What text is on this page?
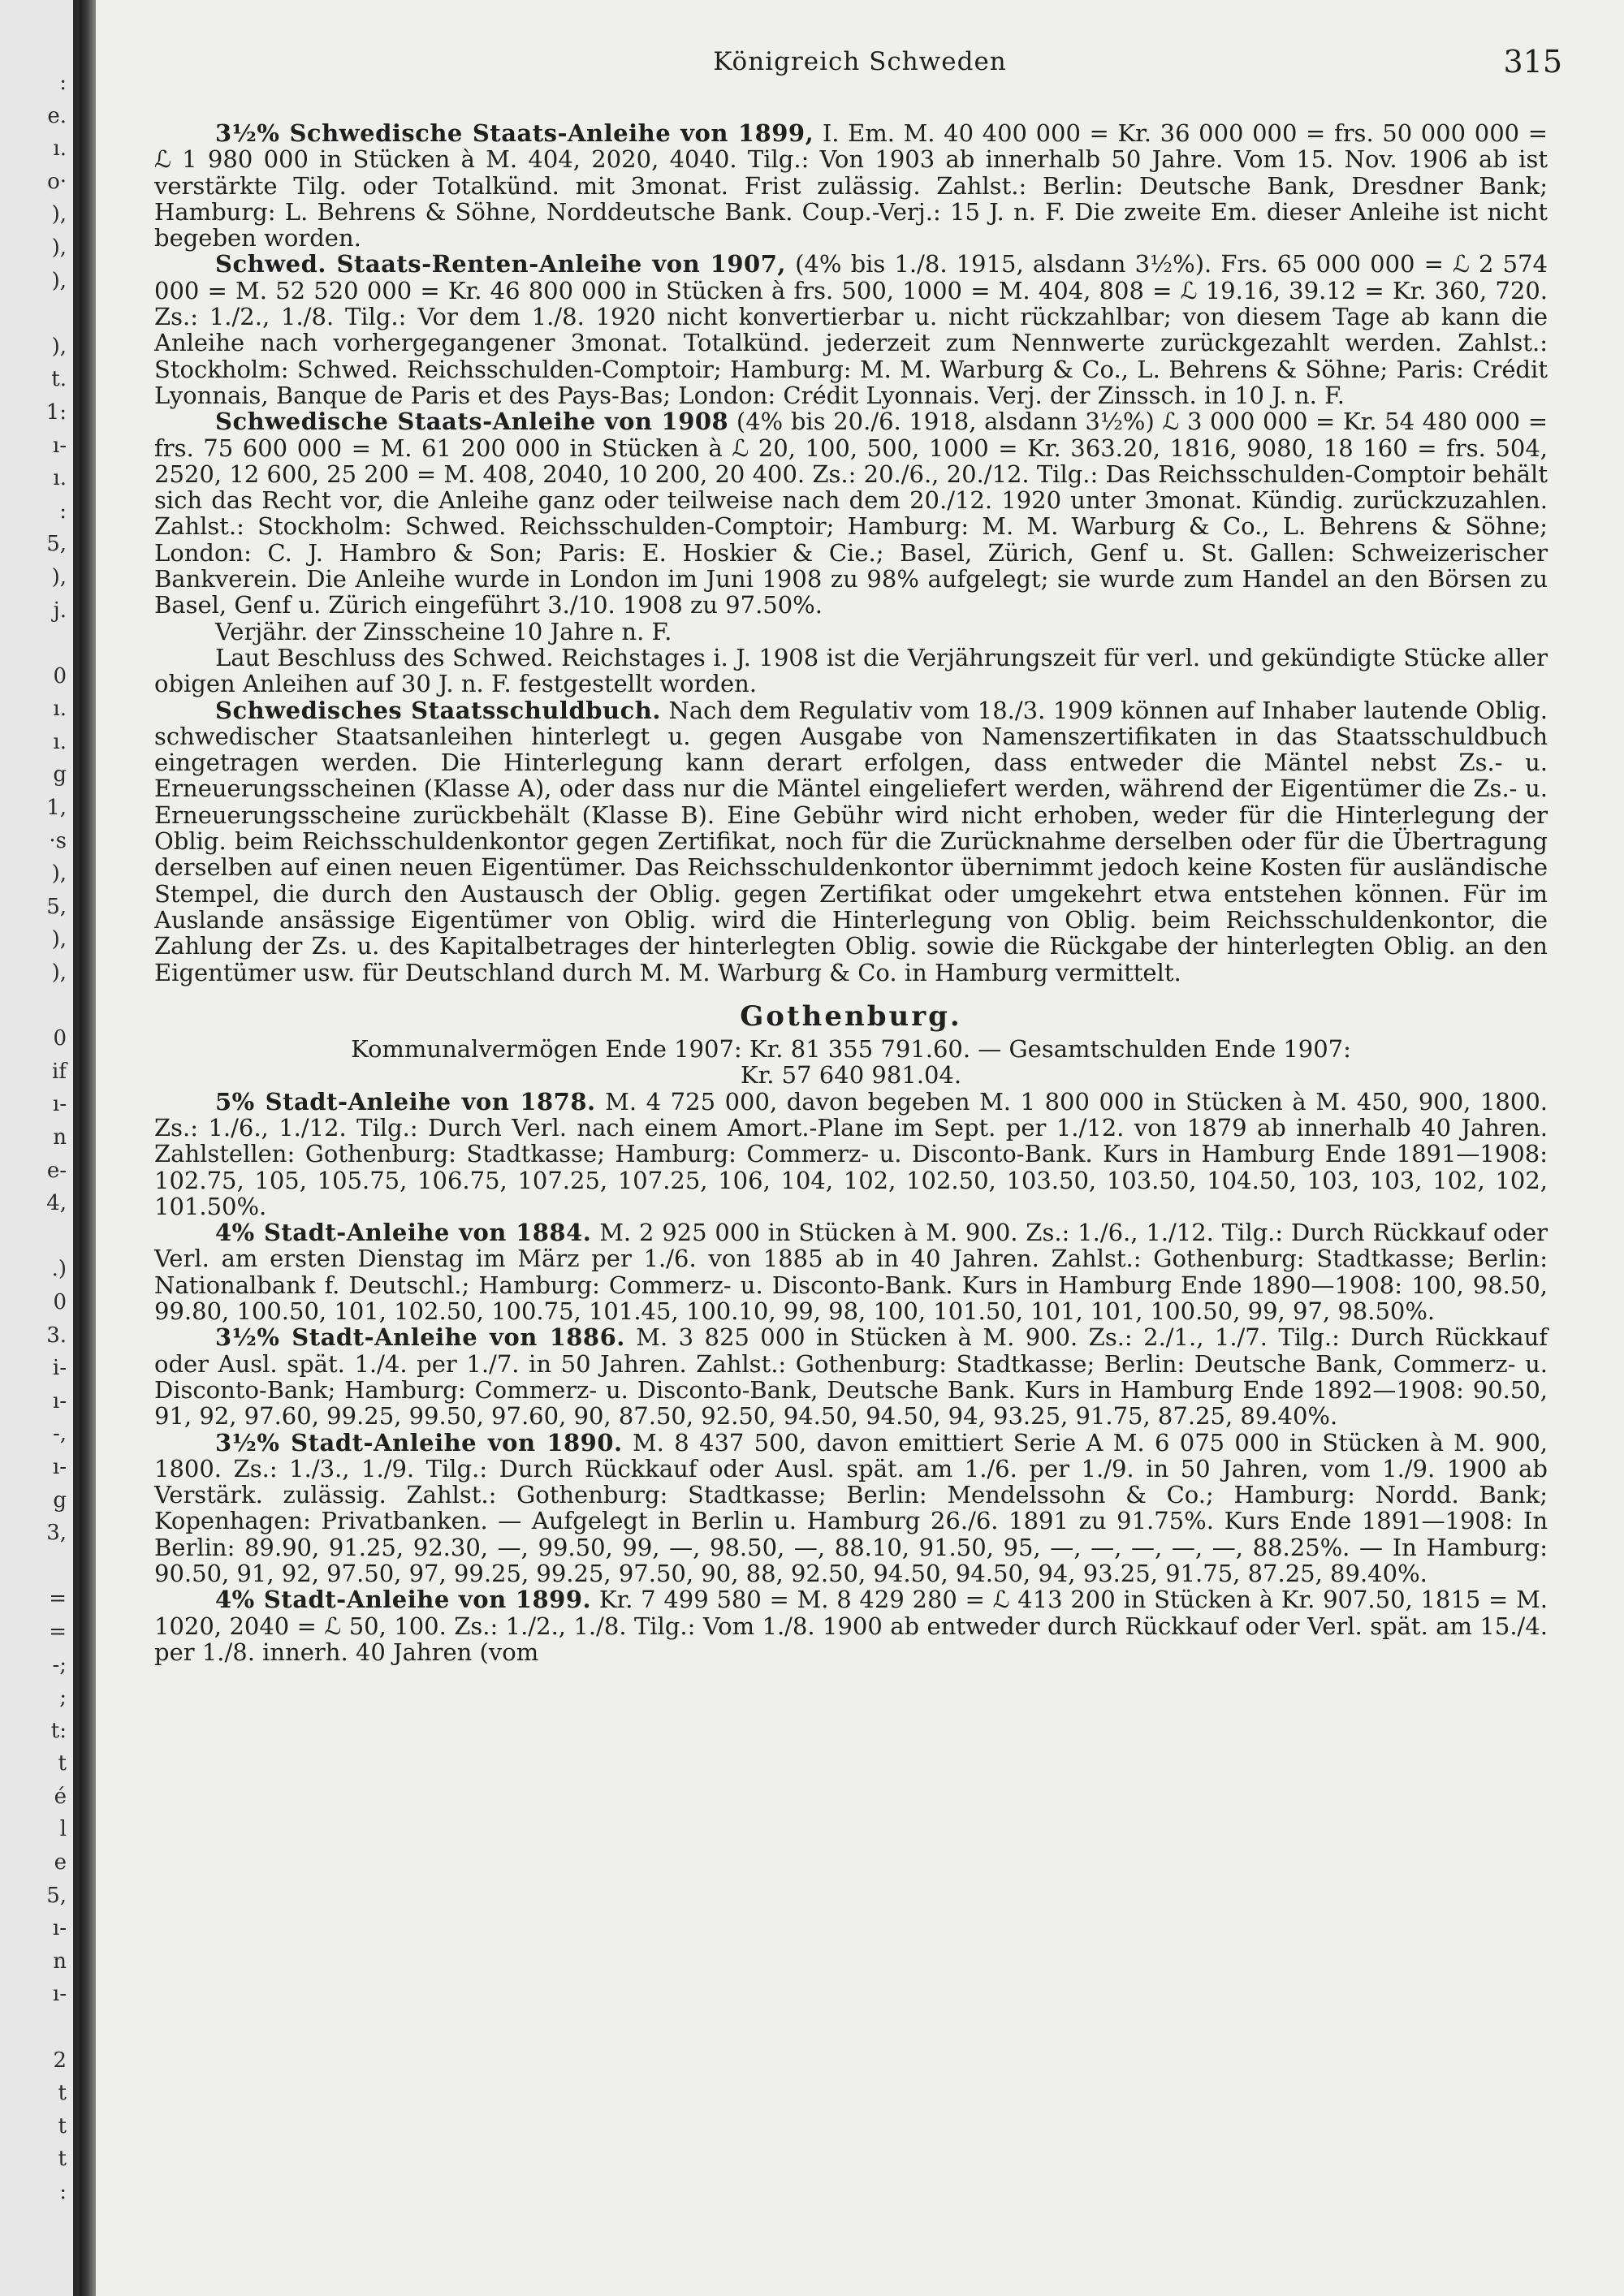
:
e.
ı.
o·
),
),
),

),
t.
1:
ı-
ı.
:
5,
),
j.

0
ı.
ı.
g
1,
·s
),
5,
),
),

0
if
ı-
n
e-
4,

.)
0
3.
i-
ı-
-,
ı-
g
3,

=
=
-;
;
t:
t
é
l
e
5,
ı-
n
ı-

2
t
t
t
:
Königreich Schweden	315

3½% Schwedische Staats-Anleihe von 1899, I. Em. M. 40 400 000 = Kr. 36 000 000 = frs. 50 000 000 = ℒ 1 980 000 in Stücken à M. 404, 2020, 4040. Tilg.: Von 1903 ab innerhalb 50 Jahre. Vom 15. Nov. 1906 ab ist verstärkte Tilg. oder Totalkünd. mit 3monat. Frist zulässig. Zahlst.: Berlin: Deutsche Bank, Dresdner Bank; Hamburg: L. Behrens & Söhne, Norddeutsche Bank. Coup.-Verj.: 15 J. n. F. Die zweite Em. dieser Anleihe ist nicht begeben worden.

Schwed. Staats-Renten-Anleihe von 1907, (4% bis 1./8. 1915, alsdann 3½%). Frs. 65 000 000 = ℒ 2 574 000 = M. 52 520 000 = Kr. 46 800 000 in Stücken à frs. 500, 1000 = M. 404, 808 = ℒ 19.16, 39.12 = Kr. 360, 720. Zs.: 1./2., 1./8. Tilg.: Vor dem 1./8. 1920 nicht konvertierbar u. nicht rückzahlbar; von diesem Tage ab kann die Anleihe nach vorhergegangener 3monat. Totalkünd. jederzeit zum Nennwerte zurückgezahlt werden. Zahlst.: Stockholm: Schwed. Reichsschulden-Comptoir; Hamburg: M. M. Warburg & Co., L. Behrens & Söhne; Paris: Crédit Lyonnais, Banque de Paris et des Pays-Bas; London: Crédit Lyonnais. Verj. der Zinssch. in 10 J. n. F.

Schwedische Staats-Anleihe von 1908 (4% bis 20./6. 1918, alsdann 3½%) ℒ 3 000 000 = Kr. 54 480 000 = frs. 75 600 000 = M. 61 200 000 in Stücken à ℒ 20, 100, 500, 1000 = Kr. 363.20, 1816, 9080, 18 160 = frs. 504, 2520, 12 600, 25 200 = M. 408, 2040, 10 200, 20 400. Zs.: 20./6., 20./12. Tilg.: Das Reichsschulden-Comptoir behält sich das Recht vor, die Anleihe ganz oder teilweise nach dem 20./12. 1920 unter 3monat. Kündig. zurückzuzahlen. Zahlst.: Stockholm: Schwed. Reichsschulden-Comptoir; Hamburg: M. M. Warburg & Co., L. Behrens & Söhne; London: C. J. Hambro & Son; Paris: E. Hoskier & Cie.; Basel, Zürich, Genf u. St. Gallen: Schweizerischer Bankverein. Die Anleihe wurde in London im Juni 1908 zu 98% aufgelegt; sie wurde zum Handel an den Börsen zu Basel, Genf u. Zürich eingeführt 3./10. 1908 zu 97.50%.

Verjähr. der Zinsscheine 10 Jahre n. F.

Laut Beschluss des Schwed. Reichstages i. J. 1908 ist die Verjährungszeit für verl. und gekündigte Stücke aller obigen Anleihen auf 30 J. n. F. festgestellt worden.

Schwedisches Staatsschuldbuch. Nach dem Regulativ vom 18./3. 1909 können auf Inhaber lautende Oblig. schwedischer Staatsanleihen hinterlegt u. gegen Ausgabe von Namenszertifikaten in das Staatsschuldbuch eingetragen werden. Die Hinterlegung kann derart erfolgen, dass entweder die Mäntel nebst Zs.- u. Erneuerungsscheinen (Klasse A), oder dass nur die Mäntel eingeliefert werden, während der Eigentümer die Zs.- u. Erneuerungsscheine zurückbehält (Klasse B). Eine Gebühr wird nicht erhoben, weder für die Hinterlegung der Oblig. beim Reichsschuldenkontor gegen Zertifikat, noch für die Zurücknahme derselben oder für die Übertragung derselben auf einen neuen Eigentümer. Das Reichsschuldenkontor übernimmt jedoch keine Kosten für ausländische Stempel, die durch den Austausch der Oblig. gegen Zertifikat oder umgekehrt etwa entstehen können. Für im Auslande ansässige Eigentümer von Oblig. wird die Hinterlegung von Oblig. beim Reichsschuldenkontor, die Zahlung der Zs. u. des Kapitalbetrages der hinterlegten Oblig. sowie die Rückgabe der hinterlegten Oblig. an den Eigentümer usw. für Deutschland durch M. M. Warburg & Co. in Hamburg vermittelt.

Gothenburg.

Kommunalvermögen Ende 1907: Kr. 81 355 791.60. — Gesamtschulden Ende 1907:

Kr. 57 640 981.04.

5% Stadt-Anleihe von 1878. M. 4 725 000, davon begeben M. 1 800 000 in Stücken à M. 450, 900, 1800. Zs.: 1./6., 1./12. Tilg.: Durch Verl. nach einem Amort.-Plane im Sept. per 1./12. von 1879 ab innerhalb 40 Jahren. Zahlstellen: Gothenburg: Stadtkasse; Hamburg: Commerz- u. Disconto-Bank. Kurs in Hamburg Ende 1891—1908: 102.75, 105, 105.75, 106.75, 107.25, 107.25, 106, 104, 102, 102.50, 103.50, 103.50, 104.50, 103, 103, 102, 102, 101.50%.

4% Stadt-Anleihe von 1884. M. 2 925 000 in Stücken à M. 900. Zs.: 1./6., 1./12. Tilg.: Durch Rückkauf oder Verl. am ersten Dienstag im März per 1./6. von 1885 ab in 40 Jahren. Zahlst.: Gothenburg: Stadtkasse; Berlin: Nationalbank f. Deutschl.; Hamburg: Commerz- u. Disconto-Bank. Kurs in Hamburg Ende 1890—1908: 100, 98.50, 99.80, 100.50, 101, 102.50, 100.75, 101.45, 100.10, 99, 98, 100, 101.50, 101, 101, 100.50, 99, 97, 98.50%.

3½% Stadt-Anleihe von 1886. M. 3 825 000 in Stücken à M. 900. Zs.: 2./1., 1./7. Tilg.: Durch Rückkauf oder Ausl. spät. 1./4. per 1./7. in 50 Jahren. Zahlst.: Gothenburg: Stadtkasse; Berlin: Deutsche Bank, Commerz- u. Disconto-Bank; Hamburg: Commerz- u. Disconto-Bank, Deutsche Bank. Kurs in Hamburg Ende 1892—1908: 90.50, 91, 92, 97.60, 99.25, 99.50, 97.60, 90, 87.50, 92.50, 94.50, 94.50, 94, 93.25, 91.75, 87.25, 89.40%.

3½% Stadt-Anleihe von 1890. M. 8 437 500, davon emittiert Serie A M. 6 075 000 in Stücken à M. 900, 1800. Zs.: 1./3., 1./9. Tilg.: Durch Rückkauf oder Ausl. spät. am 1./6. per 1./9. in 50 Jahren, vom 1./9. 1900 ab Verstärk. zulässig. Zahlst.: Gothenburg: Stadtkasse; Berlin: Mendelssohn & Co.; Hamburg: Nordd. Bank; Kopenhagen: Privatbanken. — Aufgelegt in Berlin u. Hamburg 26./6. 1891 zu 91.75%. Kurs Ende 1891—1908: In Berlin: 89.90, 91.25, 92.30, —, 99.50, 99, —, 98.50, —, 88.10, 91.50, 95, —, —, —, —, —, 88.25%. — In Hamburg: 90.50, 91, 92, 97.50, 97, 99.25, 99.25, 97.50, 90, 88, 92.50, 94.50, 94.50, 94, 93.25, 91.75, 87.25, 89.40%.

4% Stadt-Anleihe von 1899. Kr. 7 499 580 = M. 8 429 280 = ℒ 413 200 in Stücken à Kr. 907.50, 1815 = M. 1020, 2040 = ℒ 50, 100. Zs.: 1./2., 1./8. Tilg.: Vom 1./8. 1900 ab entweder durch Rückkauf oder Verl. spät. am 15./4. per 1./8. innerh. 40 Jahren (vom
